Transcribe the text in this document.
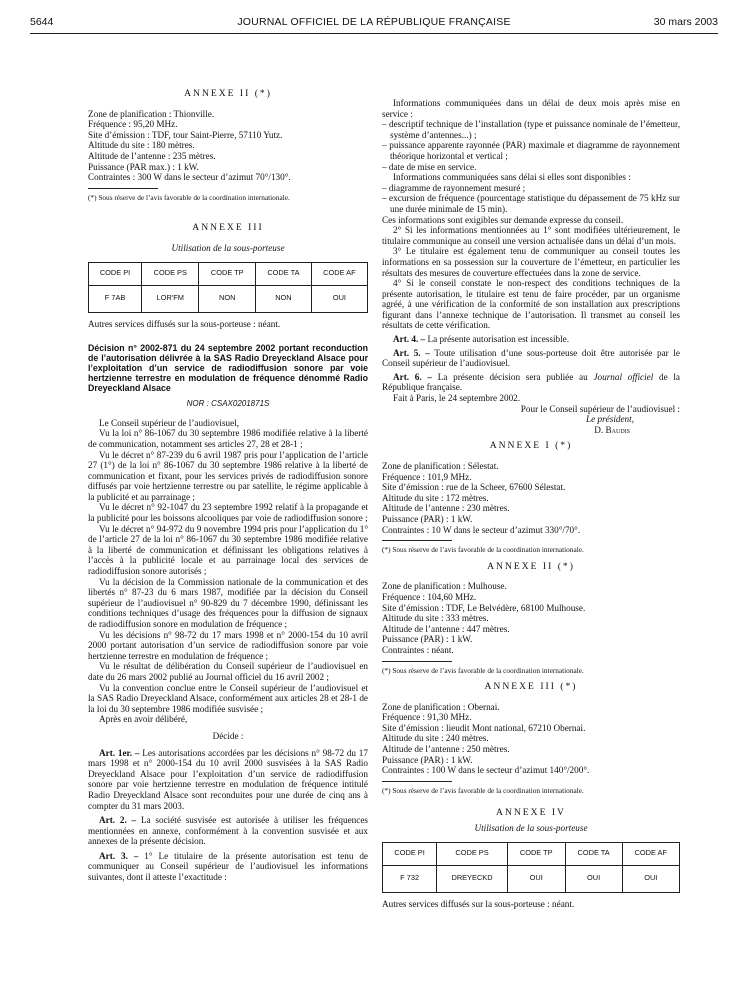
5644	JOURNAL OFFICIEL DE LA RÉPUBLIQUE FRANÇAISE	30 mars 2003

ANNEXE II (*)

Zone de planification : Thionville.

Fréquence : 95,20 MHz.

Site d’émission : TDF, tour Saint-Pierre, 57110 Yutz.

Altitude du site : 180 mètres.

Altitude de l’antenne : 235 mètres.

Puissance (PAR max.) : 1 kW.

Contraintes : 300 W dans le secteur d’azimut 70°/130°.

(*) Sous réserve de l’avis favorable de la coordination internationale.

ANNEXE III

Utilisation de la sous-porteuse

CODE PI	CODE PS	CODE TP	CODE TA	CODE AF
F 7AB	LOR'FM	NON	NON	OUI

Autres services diffusés sur la sous-porteuse : néant.

Décision n° 2002-871 du 24 septembre 2002 portant reconduction de l’autorisation délivrée à la SAS Radio Dreyeckland Alsace pour l’exploitation d’un service de radiodiffusion sonore par voie hertzienne terrestre en modulation de fréquence dénommé Radio Dreyeckland Alsace

NOR : CSAX0201871S

Le Conseil supérieur de l’audiovisuel,

Vu la loi n° 86-1067 du 30 septembre 1986 modifiée relative à la liberté de communication, notamment ses articles 27, 28 et 28-1 ;

Vu le décret n° 87-239 du 6 avril 1987 pris pour l’application de l’article 27 (1°) de la loi n° 86-1067 du 30 septembre 1986 relative à la liberté de communication et fixant, pour les services privés de radiodiffusion sonore diffusés par voie hertzienne terrestre ou par satellite, le régime applicable à la publicité et au parrainage ;

Vu le décret n° 92-1047 du 23 septembre 1992 relatif à la propagande et la publicité pour les boissons alcooliques par voie de radiodiffusion sonore ;

Vu le décret n° 94-972 du 9 novembre 1994 pris pour l’application du 1° de l’article 27 de la loi n° 86-1067 du 30 septembre 1986 modifiée relative à la liberté de communication et définissant les obligations relatives à l’accès à la publicité locale et au parrainage local des services de radiodiffusion sonore autorisés ;

Vu la décision de la Commission nationale de la communication et des libertés n° 87-23 du 6 mars 1987, modifiée par la décision du Conseil supérieur de l’audiovisuel n° 90-829 du 7 décembre 1990, définissant les conditions techniques d’usage des fréquences pour la diffusion de signaux de radiodiffusion sonore en modulation de fréquence ;

Vu les décisions n° 98-72 du 17 mars 1998 et n° 2000-154 du 10 avril 2000 portant autorisation d’un service de radiodiffusion sonore par voie hertzienne terrestre en modulation de fréquence ;

Vu le résultat de délibération du Conseil supérieur de l’audiovisuel en date du 26 mars 2002 publié au Journal officiel du 16 avril 2002 ;

Vu la convention conclue entre le Conseil supérieur de l’audiovisuel et la SAS Radio Dreyeckland Alsace, conformément aux articles 28 et 28-1 de la loi du 30 septembre 1986 modifiée susvisée ;

Après en avoir délibéré,

Décide :

Art. 1er. – Les autorisations accordées par les décisions n° 98-72 du 17 mars 1998 et n° 2000-154 du 10 avril 2000 susvisées à la SAS Radio Dreyeckland Alsace pour l’exploitation d’un service de radiodiffusion sonore par voie hertzienne terrestre en modulation de fréquence intitulé Radio Dreyeckland Alsace sont reconduites pour une durée de cinq ans à compter du 31 mars 2003.

Art. 2. – La société susvisée est autorisée à utiliser les fréquences mentionnées en annexe, conformément à la convention susvisée et aux annexes de la présente décision.

Art. 3. – 1° Le titulaire de la présente autorisation est tenu de communiquer au Conseil supérieur de l’audiovisuel les informations suivantes, dont il atteste l’exactitude :

Informations communiquées dans un délai de deux mois après mise en service :

– descriptif technique de l’installation (type et puissance nominale de l’émetteur, système d’antennes...) ;

– puissance apparente rayonnée (PAR) maximale et diagramme de rayonnement théorique horizontal et vertical ;

– date de mise en service.

Informations communiquées sans délai si elles sont disponibles :

– diagramme de rayonnement mesuré ;

– excursion de fréquence (pourcentage statistique du dépassement de 75 kHz sur une durée minimale de 15 min).

Ces informations sont exigibles sur demande expresse du conseil.

2° Si les informations mentionnées au 1° sont modifiées ultérieurement, le titulaire communique au conseil une version actualisée dans un délai d’un mois.

3° Le titulaire est également tenu de communiquer au conseil toutes les informations en sa possession sur la couverture de l’émetteur, en particulier les résultats des mesures de couverture effectuées dans la zone de service.

4° Si le conseil constate le non-respect des conditions techniques de la présente autorisation, le titulaire est tenu de faire procéder, par un organisme agréé, à une vérification de la conformité de son installation aux prescriptions figurant dans l’annexe technique de l’autorisation. Il transmet au conseil les résultats de cette vérification.

Art. 4. – La présente autorisation est incessible.

Art. 5. – Toute utilisation d’une sous-porteuse doit être autorisée par le Conseil supérieur de l’audiovisuel.

Art. 6. – La présente décision sera publiée au Journal officiel de la République française.

Fait à Paris, le 24 septembre 2002.

Pour le Conseil supérieur de l’audiovisuel :

Le président,

D. Baudis

ANNEXE I (*)

Zone de planification : Sélestat.

Fréquence : 101,9 MHz.

Site d’émission : rue de la Scheer, 67600 Sélestat.

Altitude du site : 172 mètres.

Altitude de l’antenne : 230 mètres.

Puissance (PAR) : 1 kW.

Contraintes : 10 W dans le secteur d’azimut 330°/70°.

(*) Sous réserve de l’avis favorable de la coordination internationale.

ANNEXE II (*)

Zone de planification : Mulhouse.

Fréquence : 104,60 MHz.

Site d’émission : TDF, Le Belvédère, 68100 Mulhouse.

Altitude du site : 333 mètres.

Altitude de l’antenne : 447 mètres.

Puissance (PAR) : 1 kW.

Contraintes : néant.

(*) Sous réserve de l’avis favorable de la coordination internationale.

ANNEXE III (*)

Zone de planification : Obernai.

Fréquence : 91,30 MHz.

Site d’émission : lieudit Mont national, 67210 Obernai.

Altitude du site : 240 mètres.

Altitude de l’antenne : 250 mètres.

Puissance (PAR) : 1 kW.

Contraintes : 100 W dans le secteur d’azimut 140°/200°.

(*) Sous réserve de l’avis favorable de la coordination internationale.

ANNEXE IV

Utilisation de la sous-porteuse

CODE PI	CODE PS	CODE TP	CODE TA	CODE AF
F 732	DREYECKD	OUI	OUI	OUI

Autres services diffusés sur la sous-porteuse : néant.
